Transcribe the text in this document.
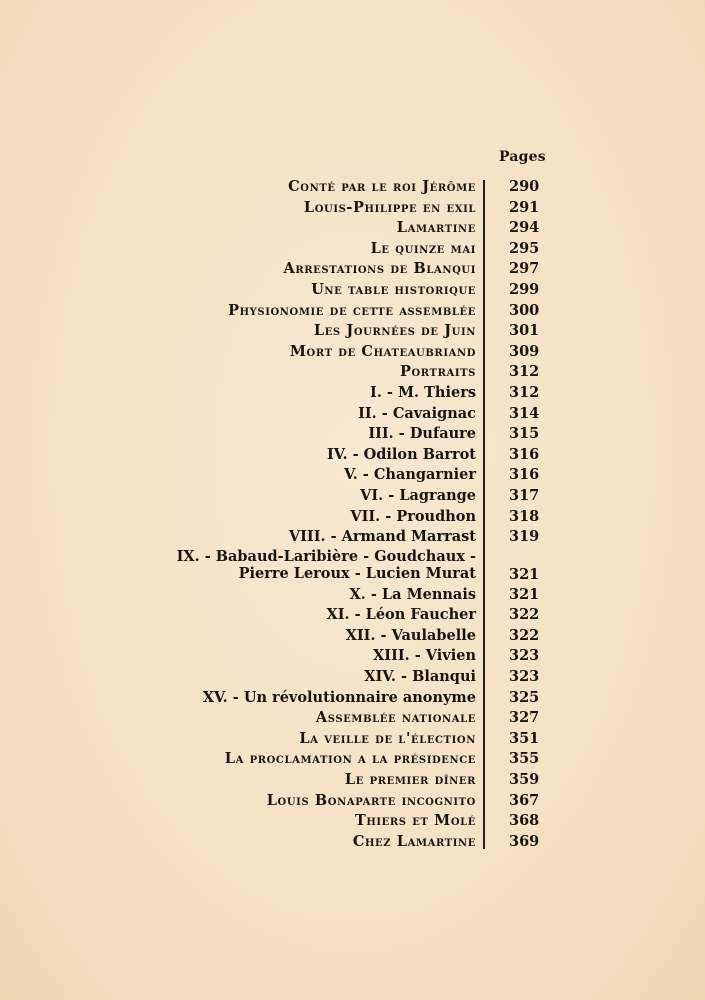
Pages
Conté par le roi Jérôme 290
Louis-Philippe en exil 291
Lamartine 294
Le quinze mai 295
Arrestations de Blanqui 297
Une table historique 299
Physionomie de cette assemblée 300
Les Journées de Juin 301
Mort de Chateaubriand 309
Portraits 312
I. - M. Thiers 312
II. - Cavaignac 314
III. - Dufaure 315
IV. - Odilon Barrot 316
V. - Changarnier 316
VI. - Lagrange 317
VII. - Proudhon 318
VIII. - Armand Marrast 319
IX. - Babaud-Laribière - Goudchaux -
Pierre Leroux - Lucien Murat 321
X. - La Mennais 321
XI. - Léon Faucher 322
XII. - Vaulabelle 322
XIII. - Vivien 323
XIV. - Blanqui 323
XV. - Un révolutionnaire anonyme 325
Assemblée nationale 327
La veille de l'élection 351
La proclamation a la présidence 355
Le premier dîner 359
Louis Bonaparte incognito 367
Thiers et Molé 368
Chez Lamartine 369
